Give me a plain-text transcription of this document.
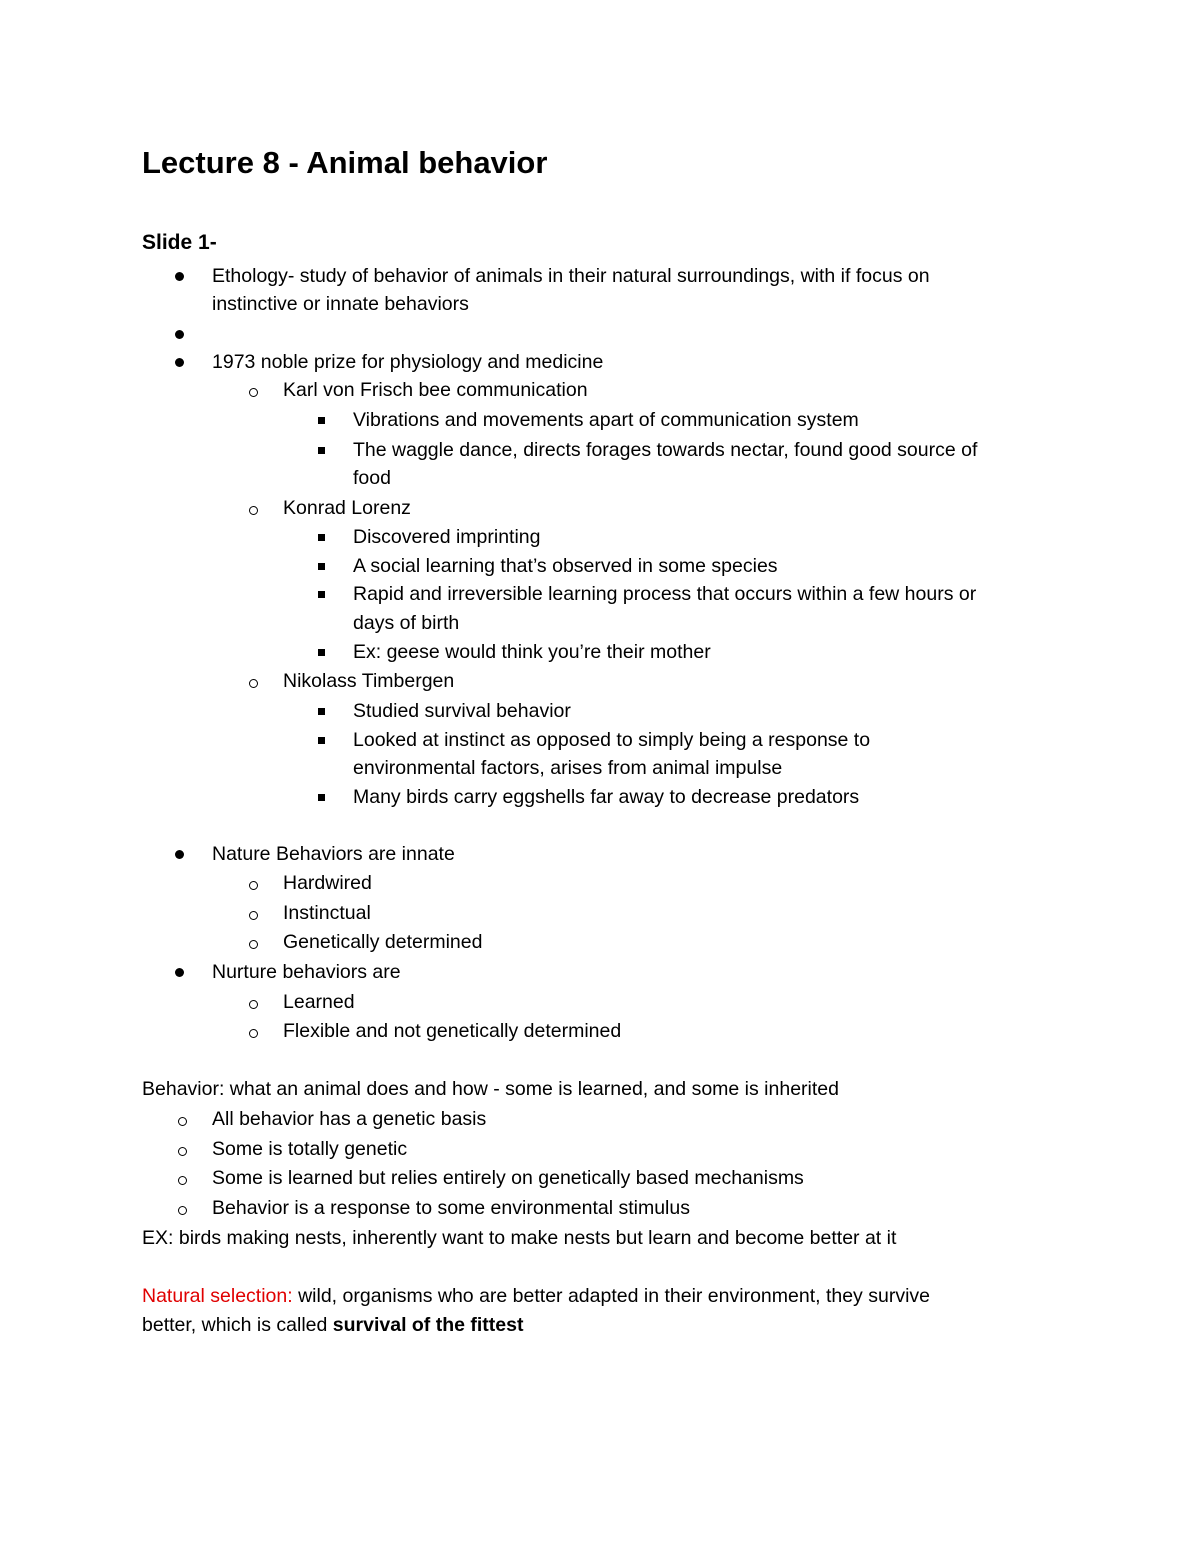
Lecture 8 - Animal behavior
Slide 1-
Ethology- study of behavior of animals in their natural surroundings, with if focus on
instinctive or innate behaviors
1973 noble prize for physiology and medicine
Karl von Frisch bee communication
Vibrations and movements apart of communication system
The waggle dance, directs forages towards nectar, found good source of
food
Konrad Lorenz
Discovered imprinting
A social learning that’s observed in some species
Rapid and irreversible learning process that occurs within a few hours or
days of birth
Ex: geese would think you’re their mother
Nikolass Timbergen
Studied survival behavior
Looked at instinct as opposed to simply being a response to
environmental factors, arises from animal impulse
Many birds carry eggshells far away to decrease predators
Nature Behaviors are innate
Hardwired
Instinctual
Genetically determined
Nurture behaviors are
Learned
Flexible and not genetically determined
Behavior: what an animal does and how - some is learned, and some is inherited
All behavior has a genetic basis
Some is totally genetic
Some is learned but relies entirely on genetically based mechanisms
Behavior is a response to some environmental stimulus
EX: birds making nests, inherently want to make nests but learn and become better at it
Natural selection: wild, organisms who are better adapted in their environment, they survive
better, which is called survival of the fittest
